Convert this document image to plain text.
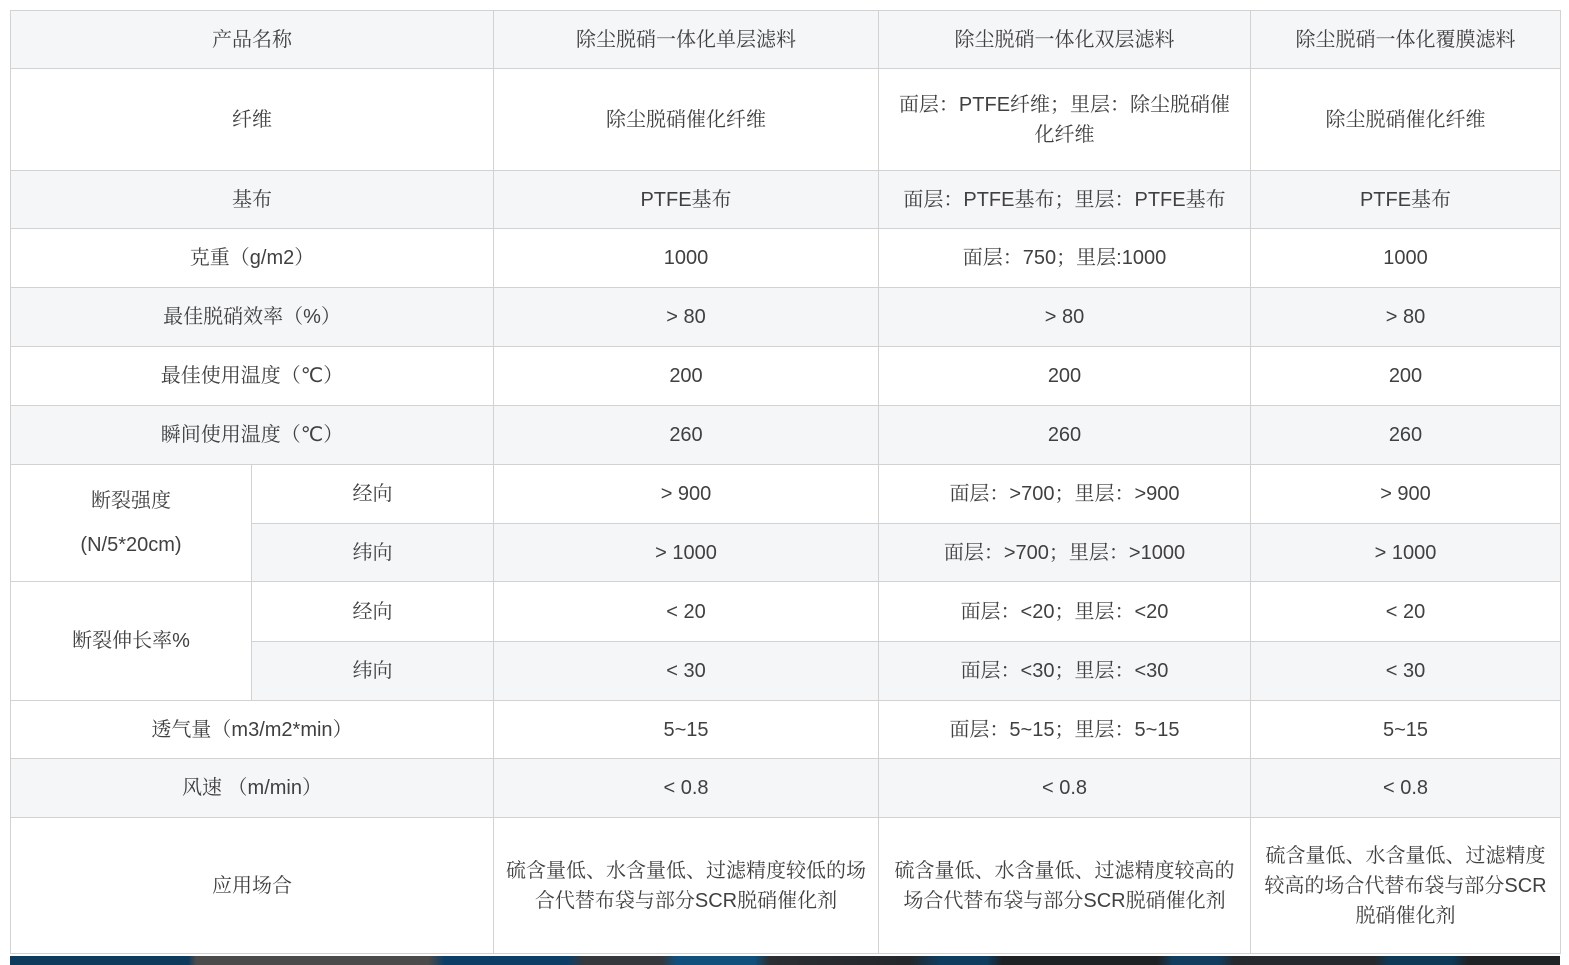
产品名称		除尘脱硝一体化单层滤料	除尘脱硝一体化双层滤料	除尘脱硝一体化覆膜滤料
纤维		除尘脱硝催化纤维	面层：PTFE纤维；里层：除尘脱硝催化纤维	除尘脱硝催化纤维
基布		PTFE基布	面层：PTFE基布；里层：PTFE基布	PTFE基布
克重（g/m2）		1000	面层：750；里层:1000	1000
最佳脱硝效率（%）		> 80	> 80	> 80
最佳使用温度（℃）		200	200	200
瞬间使用温度（℃）		260	260	260

断裂强度
(N/5*20cm)	经向	> 900	面层：>700；里层：>900	> 900
	纬向	> 1000	面层：>700；里层：>1000	> 1000
断裂伸长率%	经向	< 20	面层：<20；里层：<20	< 20
	纬向	< 30	面层：<30；里层：<30	< 30
透气量（m3/m2*min）		5~15	面层：5~15；里层：5~15	5~15
风速 （m/min）		< 0.8	< 0.8	< 0.8
应用场合		硫含量低、水含量低、过滤精度较低的场合代替布袋与部分SCR脱硝催化剂	硫含量低、水含量低、过滤精度较高的场合代替布袋与部分SCR脱硝催化剂	硫含量低、水含量低、过滤精度较高的场合代替布袋与部分SCR脱硝催化剂
